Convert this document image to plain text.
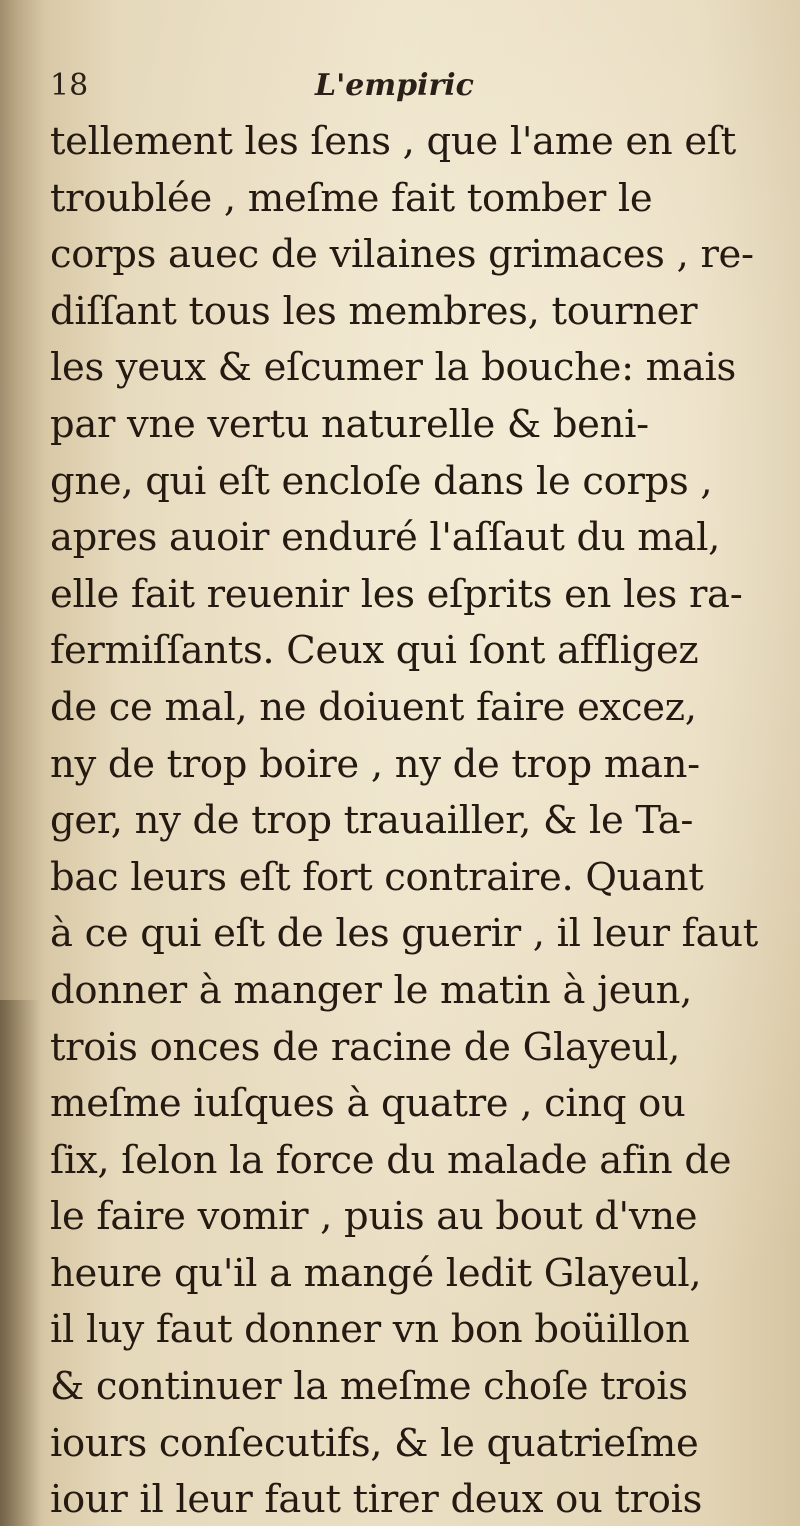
18	L'empiric
tellement les ſens , que l'ame en eſt
troublée , meſme fait tomber le
corps auec de vilaines grimaces , re-
diſſant tous les membres, tourner
les yeux & eſcumer la bouche: mais
par vne vertu naturelle & beni-
gne, qui eſt encloſe dans le corps ,
apres auoir enduré l'aſſaut du mal,
elle fait reuenir les eſprits en les ra-
fermiſſants. Ceux qui ſont affligez
de ce mal, ne doiuent faire excez,
ny de trop boire , ny de trop man-
ger, ny de trop trauailler, & le Ta-
bac leurs eſt fort contraire. Quant
à ce qui eſt de les guerir , il leur faut
donner à manger le matin à jeun,
trois onces de racine de Glayeul,
meſme iuſques à quatre , cinq ou
ſix, ſelon la force du malade afin de
le faire vomir , puis au bout d'vne
heure qu'il a mangé ledit Glayeul,
il luy faut donner vn bon boüillon
& continuer la meſme choſe trois
iours conſecutifs, & le quatrieſme
iour il leur faut tirer deux ou trois
